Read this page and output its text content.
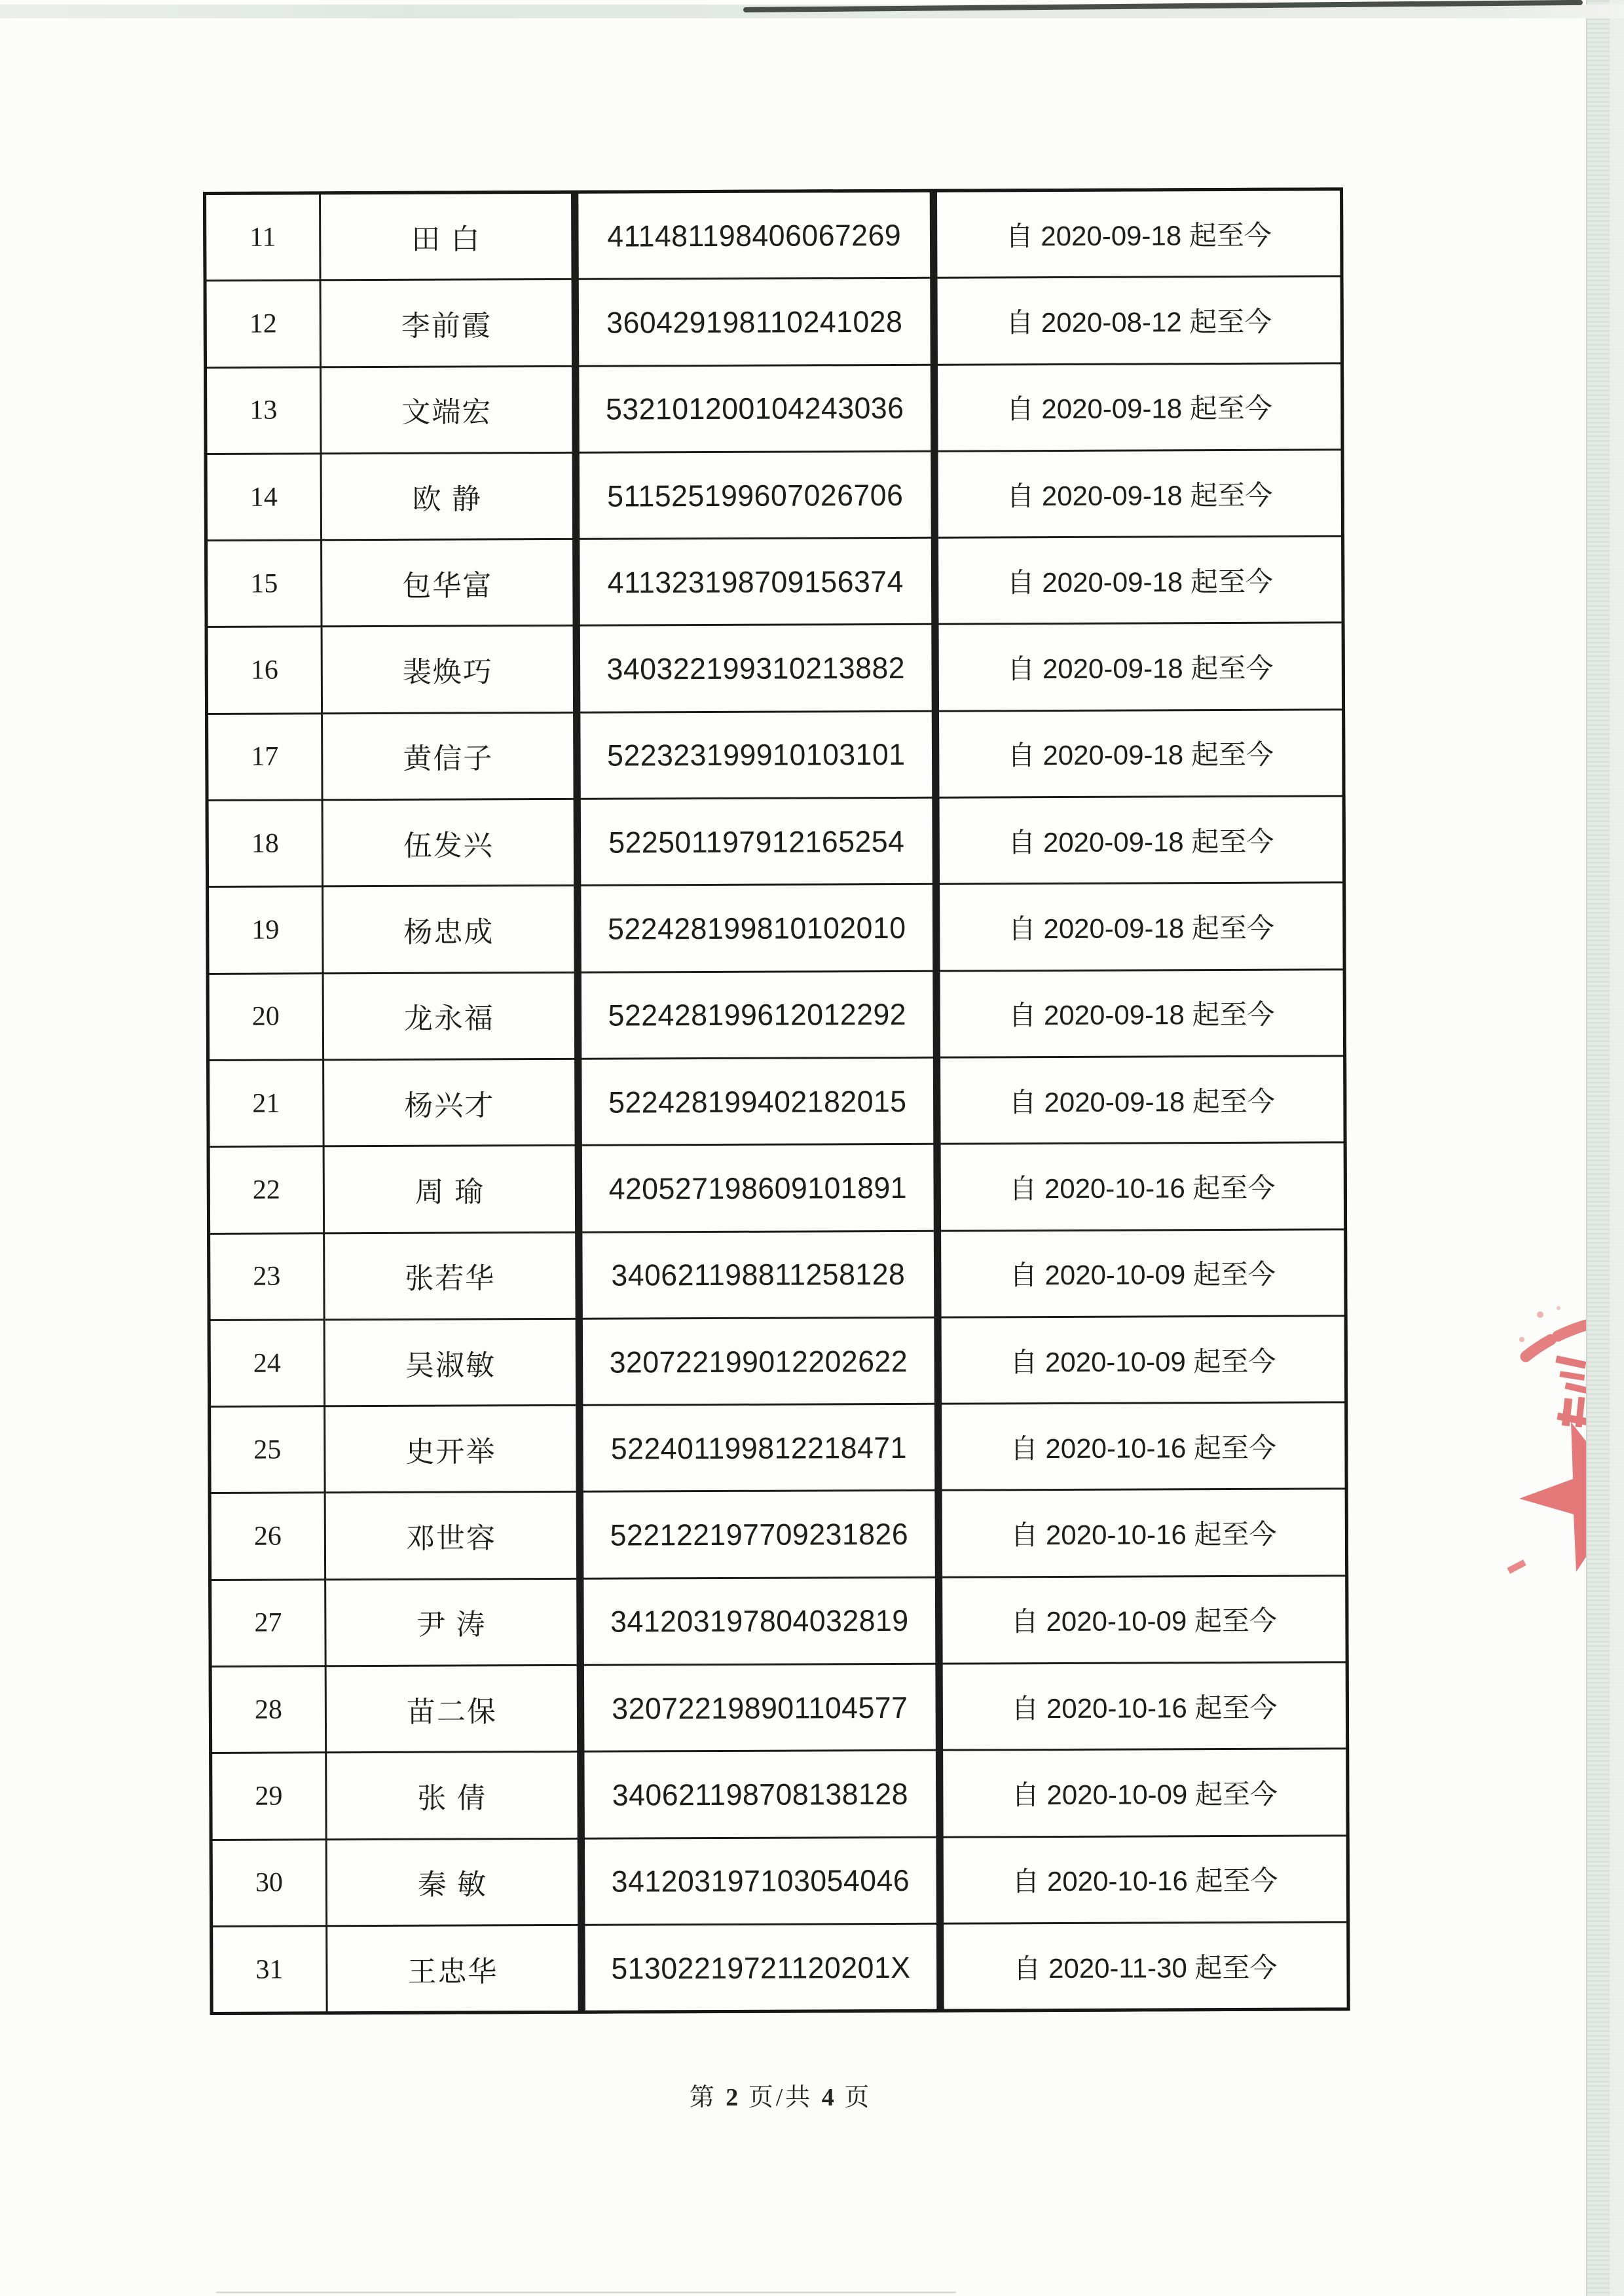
11	田 白	411481198406067269	自 2020-09-18 起至今
12	李前霞	360429198110241028	自 2020-08-12 起至今
13	文端宏	532101200104243036	自 2020-09-18 起至今
14	欧 静	511525199607026706	自 2020-09-18 起至今
15	包华富	411323198709156374	自 2020-09-18 起至今
16	裴焕巧	340322199310213882	自 2020-09-18 起至今
17	黄信子	522323199910103101	自 2020-09-18 起至今
18	伍发兴	522501197912165254	自 2020-09-18 起至今
19	杨忠成	522428199810102010	自 2020-09-18 起至今
20	龙永福	522428199612012292	自 2020-09-18 起至今
21	杨兴才	522428199402182015	自 2020-09-18 起至今
22	周 瑜	420527198609101891	自 2020-10-16 起至今
23	张若华	340621198811258128	自 2020-10-09 起至今
24	吴淑敏	320722199012202622	自 2020-10-09 起至今
25	史开举	522401199812218471	自 2020-10-16 起至今
26	邓世容	522122197709231826	自 2020-10-16 起至今
27	尹 涛	341203197804032819	自 2020-10-09 起至今
28	苗二保	320722198901104577	自 2020-10-16 起至今
29	张 倩	340621198708138128	自 2020-10-09 起至今
30	秦 敏	341203197103054046	自 2020-10-16 起至今
31	王忠华	51302219721120201X	自 2020-11-30 起至今
第 2 页/共 4 页
